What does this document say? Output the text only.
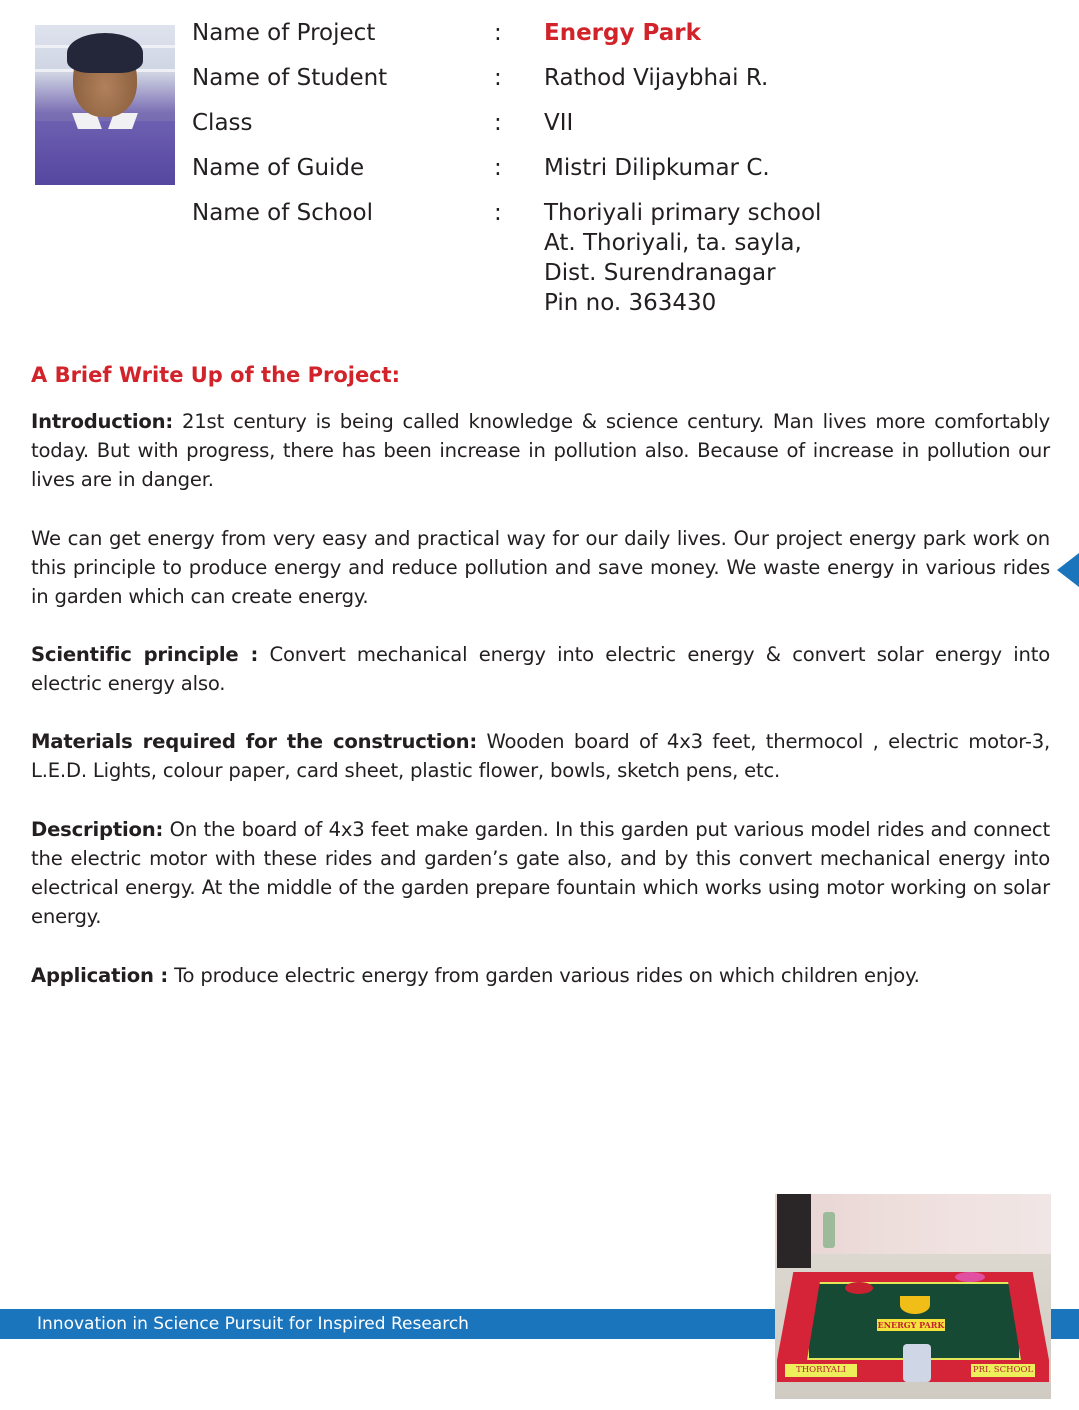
Name of Project	: Energy Park
Name of Student	: Rathod Vijaybhai R.
Class	: VII
Name of Guide	: Mistri Dilipkumar C.
Name of School	: Thoriyali primary school
At. Thoriyali, ta. sayla,
Dist. Surendranagar
Pin no. 363430
A Brief Write Up of the Project:

Introduction: 21st century is being called knowledge & science century. Man lives more comfortably today. But with progress, there has been increase in pollution also. Because of increase in pollution our lives are in danger.

We can get energy from very easy and practical way for our daily lives. Our project energy park work on this principle to produce energy and reduce pollution and save money. We waste energy in various rides in garden which can create energy.

Scientific principle : Convert mechanical energy into electric energy & convert solar energy into electric energy also.

Materials required for the construction: Wooden board of 4x3 feet, thermocol , electric motor-3, L.E.D. Lights, colour paper, card sheet, plastic flower, bowls, sketch pens, etc.

Description: On the board of 4x3 feet make garden. In this garden put various model rides and connect the electric motor with these rides and garden’s gate also, and by this convert mechanical energy into electrical energy. At the middle of the garden prepare fountain which works using motor working on solar energy.

Application : To produce electric energy from garden various rides on which children enjoy.

Innovation in Science Pursuit for Inspired Research	ENERGY PARK
THORIYALI	PRI. SCHOOL
